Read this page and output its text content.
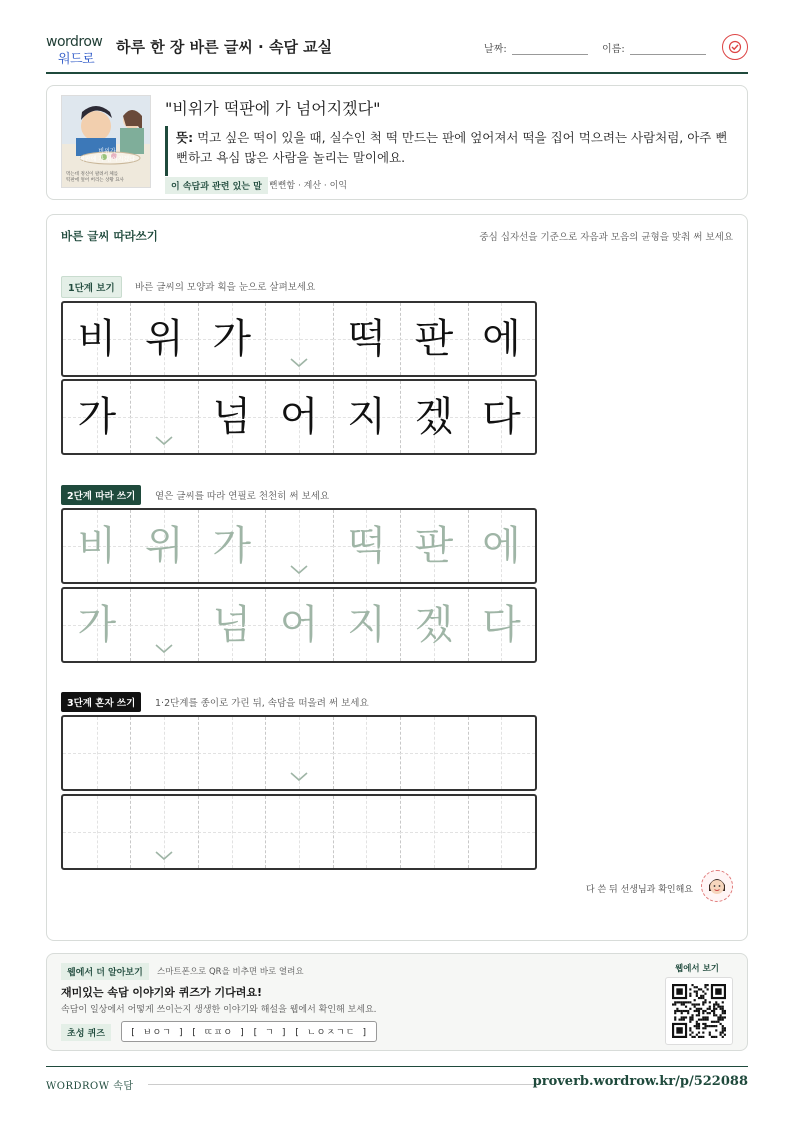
wordrow
워드로
하루 한 장 바른 글씨 · 속담 교실	날짜:	이름:
비위가
떡판에 가 넘어지겠다
먹는데 정신이 팔려서 체를
떡판에 엎어 버리는 상황 묘사
"비위가 떡판에 가 넘어지겠다"
뜻: 먹고 싶은 떡이 있을 때, 실수인 척 떡 만드는 판에 엎어져서 떡을 집어 먹으려는 사람처럼, 아주 뻔뻔하고 욕심 많은 사람을 놀리는 말이에요.
이 속담과 관련 있는 말 뻔뻔함 · 계산 · 이익
바른 글씨 따라쓰기	중심 십자선을 기준으로 자음과 모음의 균형을 맞춰 써 보세요
1단계 보기	바른 글씨의 모양과 획을 눈으로 살펴보세요
비 위 가 떡 판 에
가 넘 어 지 겠 다
2단계 따라 쓰기	옅은 글씨를 따라 연필로 천천히 써 보세요
비 위 가 떡 판 에
가 넘 어 지 겠 다
3단계 혼자 쓰기	1·2단계를 종이로 가린 뒤, 속담을 떠올려 써 보세요
다 쓴 뒤 선생님과 확인해요
웹에서 더 알아보기	스마트폰으로 QR을 비추면 바로 열려요
재미있는 속담 이야기와 퀴즈가 기다려요!
속담이 일상에서 어떻게 쓰이는지 생생한 이야기와 해설을 웹에서 확인해 보세요.
초성 퀴즈	[ ㅂㅇㄱ ] [ ㄸㅍㅇ ] [ ㄱ ] [ ㄴㅇㅈㄱㄷ ]
웹에서 보기
WORDROW 속담	proverb.wordrow.kr/p/522088
